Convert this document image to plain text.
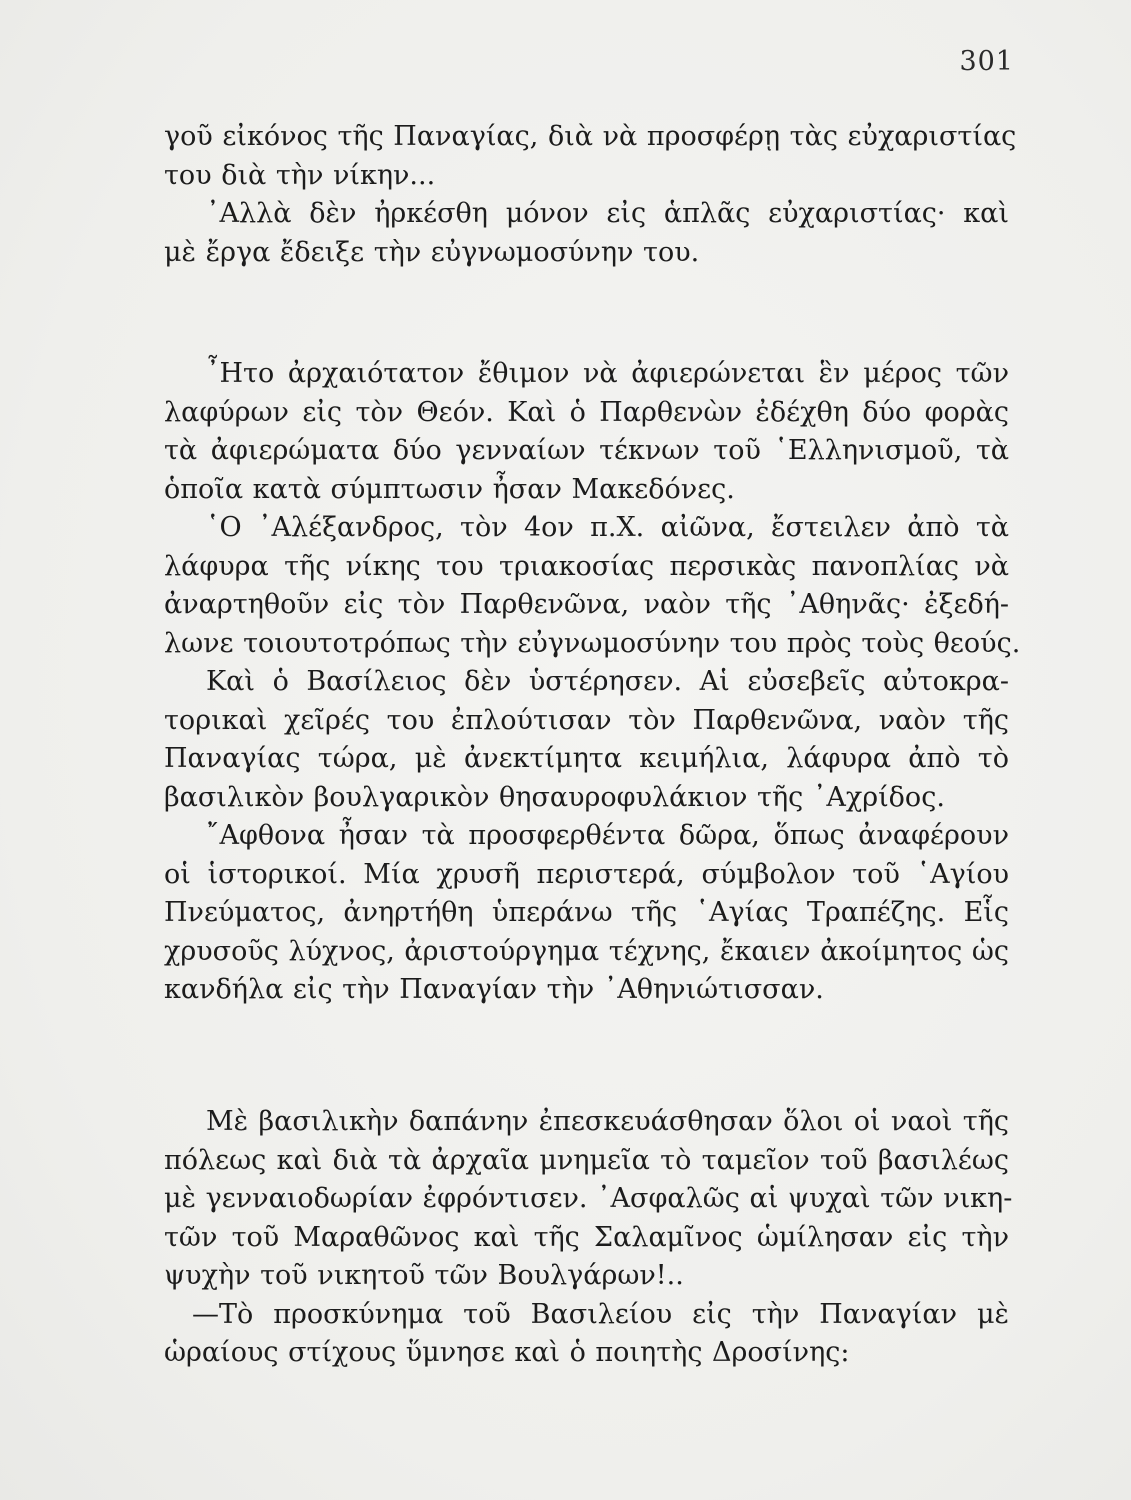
301
γοῦ εἰκόνος τῆς Παναγίας, διὰ νὰ προσφέρῃ τὰς εὐχαριστίας
του διὰ τὴν νίκην...
᾿Αλλὰ δὲν ἠρκέσθη μόνον εἰς ἁπλᾶς εὐχαριστίας· καὶ
μὲ ἔργα ἔδειξε τὴν εὐγνωμοσύνην του.
῏Ητο ἀρχαιότατον ἔθιμον νὰ ἀφιερώνεται ἓν μέρος τῶν
λαφύρων εἰς τὸν Θεόν. Καὶ ὁ Παρθενὼν ἐδέχθη δύο φορὰς
τὰ ἀφιερώματα δύο γενναίων τέκνων τοῦ ῾Ελληνισμοῦ, τὰ
ὁποῖα κατὰ σύμπτωσιν ἦσαν Μακεδόνες.
῾Ο ᾿Αλέξανδρος, τὸν 4ον π.Χ. αἰῶνα, ἔστειλεν ἀπὸ τὰ
λάφυρα τῆς νίκης του τριακοσίας περσικὰς πανοπλίας νὰ
ἀναρτηθοῦν εἰς τὸν Παρθενῶνα, ναὸν τῆς ᾿Αθηνᾶς· ἐξεδή-
λωνε τοιουτοτρόπως τὴν εὐγνωμοσύνην του πρὸς τοὺς θεούς.
Καὶ ὁ Βασίλειος δὲν ὑστέρησεν. Αἱ εὐσεβεῖς αὐτοκρα-
τορικαὶ χεῖρές του ἐπλούτισαν τὸν Παρθενῶνα, ναὸν τῆς
Παναγίας τώρα, μὲ ἀνεκτίμητα κειμήλια, λάφυρα ἀπὸ τὸ
βασιλικὸν βουλγαρικὸν θησαυροφυλάκιον τῆς ᾿Αχρίδος.
῎Αφθονα ἦσαν τὰ προσφερθέντα δῶρα, ὅπως ἀναφέρουν
οἱ ἱστορικοί. Μία χρυσῆ περιστερά, σύμβολον τοῦ ῾Αγίου
Πνεύματος, ἀνηρτήθη ὑπεράνω τῆς ῾Αγίας Τραπέζης. Εἷς
χρυσοῦς λύχνος, ἀριστούργημα τέχνης, ἔκαιεν ἀκοίμητος ὡς
κανδήλα εἰς τὴν Παναγίαν τὴν ᾿Αθηνιώτισσαν.
Μὲ βασιλικὴν δαπάνην ἐπεσκευάσθησαν ὅλοι οἱ ναοὶ τῆς
πόλεως καὶ διὰ τὰ ἀρχαῖα μνημεῖα τὸ ταμεῖον τοῦ βασιλέως
μὲ γενναιοδωρίαν ἐφρόντισεν. ᾿Ασφαλῶς αἱ ψυχαὶ τῶν νικη-
τῶν τοῦ Μαραθῶνος καὶ τῆς Σαλαμῖνος ὡμίλησαν εἰς τὴν
ψυχὴν τοῦ νικητοῦ τῶν Βουλγάρων!..
—Τὸ προσκύνημα τοῦ Βασιλείου εἰς τὴν Παναγίαν μὲ
ὡραίους στίχους ὕμνησε καὶ ὁ ποιητὴς Δροσίνης:
